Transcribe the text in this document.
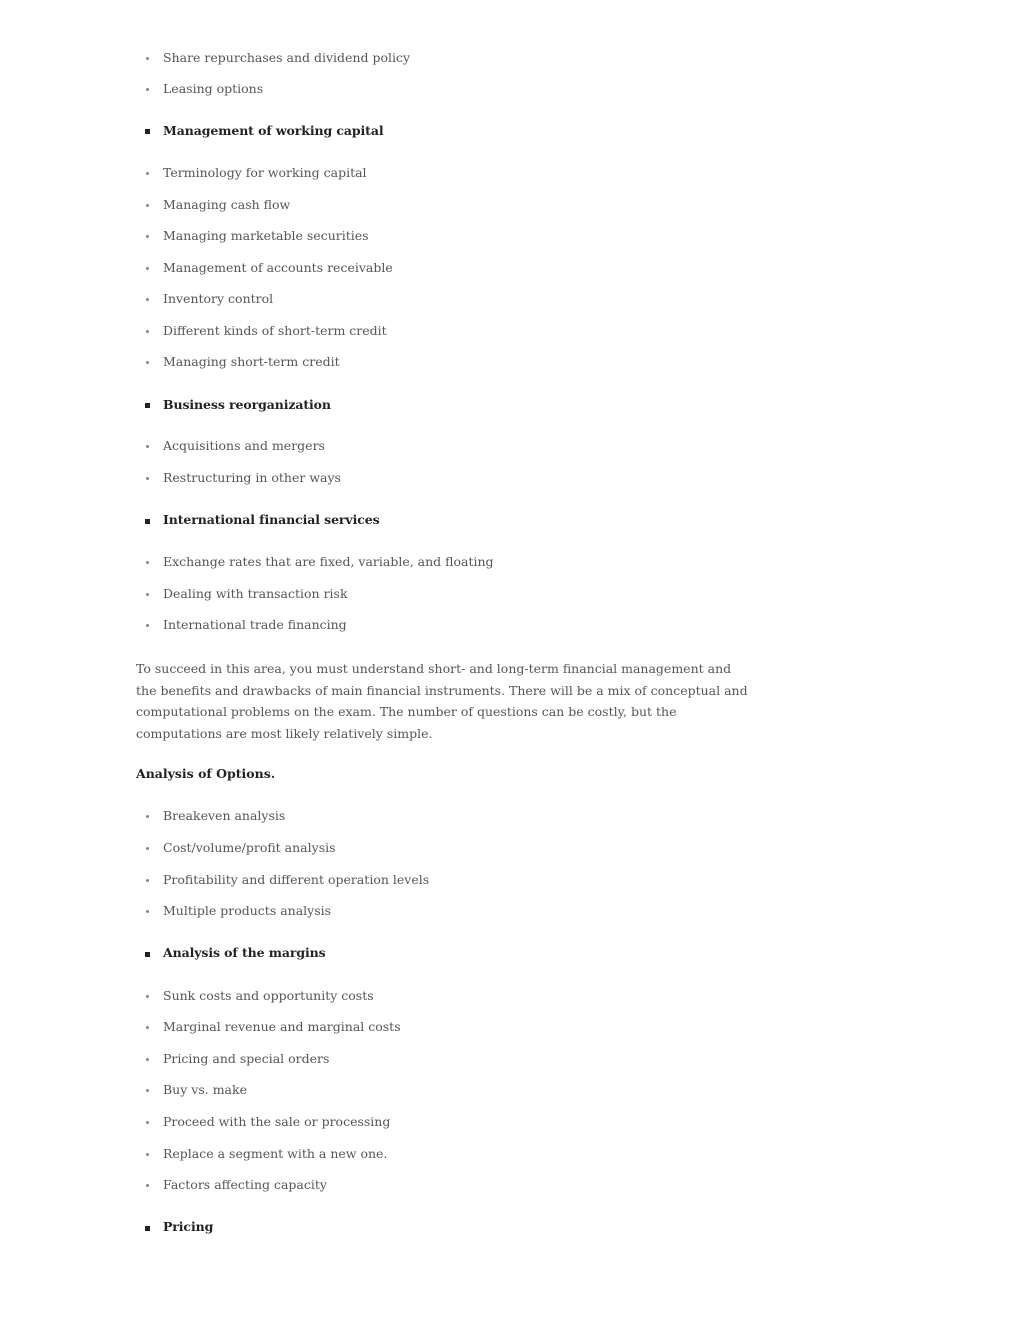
Share repurchases and dividend policy
Leasing options
Management of working capital
Terminology for working capital
Managing cash flow
Managing marketable securities
Management of accounts receivable
Inventory control
Different kinds of short-term credit
Managing short-term credit
Business reorganization
Acquisitions and mergers
Restructuring in other ways
International financial services
Exchange rates that are fixed, variable, and floating
Dealing with transaction risk
International trade financing
To succeed in this area, you must understand short- and long-term financial management and
the benefits and drawbacks of main financial instruments. There will be a mix of conceptual and
computational problems on the exam. The number of questions can be costly, but the
computations are most likely relatively simple.
Analysis of Options.
Breakeven analysis
Cost/volume/profit analysis
Profitability and different operation levels
Multiple products analysis
Analysis of the margins
Sunk costs and opportunity costs
Marginal revenue and marginal costs
Pricing and special orders
Buy vs. make
Proceed with the sale or processing
Replace a segment with a new one.
Factors affecting capacity
Pricing
